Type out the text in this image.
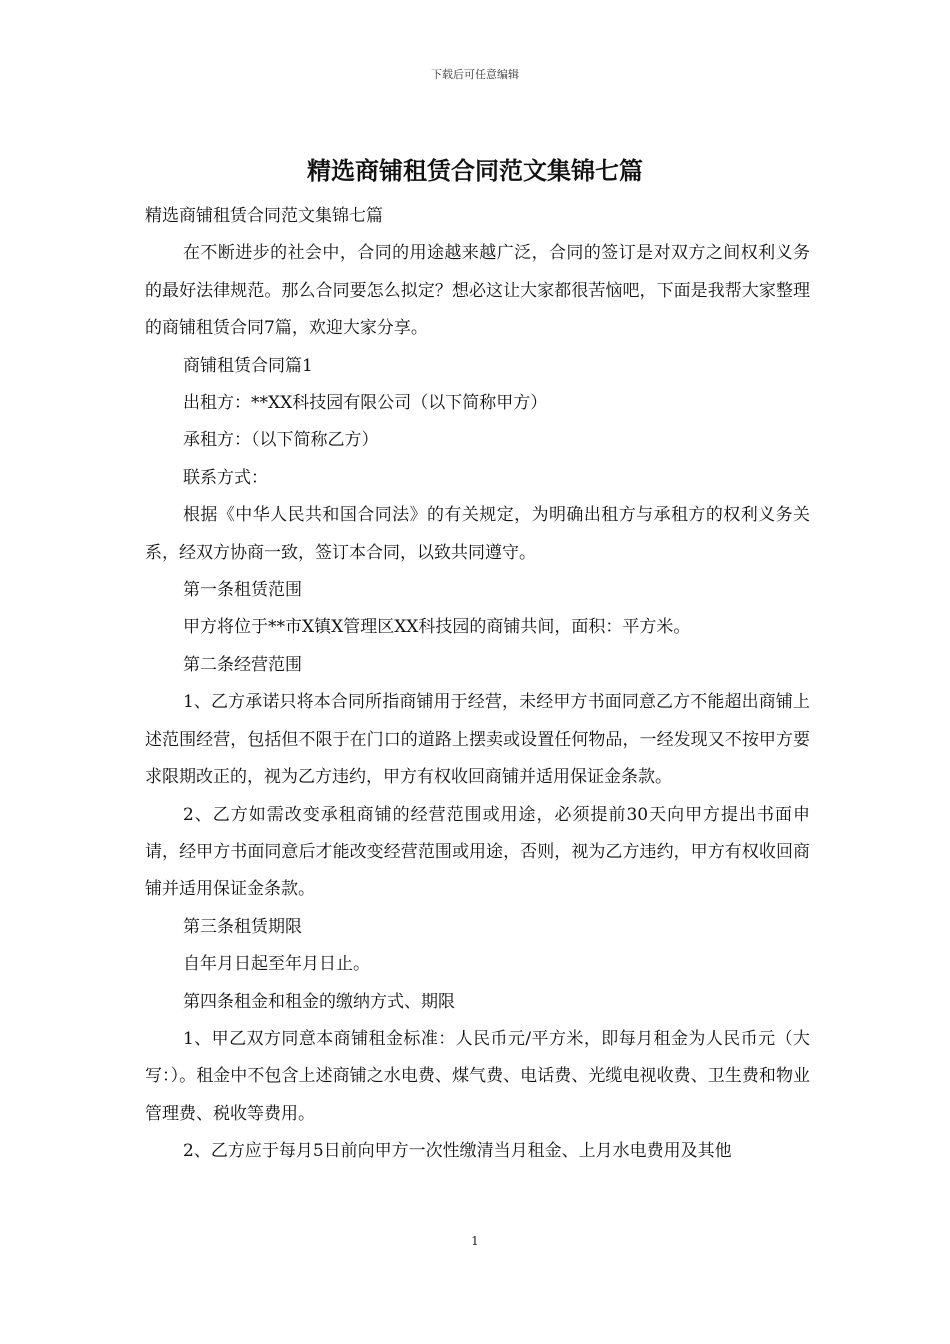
下载后可任意编辑
精选商铺租赁合同范文集锦七篇

精选商铺租赁合同范文集锦七篇

在不断进步的社会中，合同的用途越来越广泛，合同的签订是对双方之间权利义务的最好法律规范。那么合同要怎么拟定？想必这让大家都很苦恼吧，下面是我帮大家整理的商铺租赁合同7篇，欢迎大家分享。

商铺租赁合同篇1

出租方：**XX科技园有限公司（以下简称甲方）

承租方：（以下简称乙方）

联系方式：

根据《中华人民共和国合同法》的有关规定，为明确出租方与承租方的权利义务关系，经双方协商一致，签订本合同，以致共同遵守。

第一条租赁范围

甲方将位于**市X镇X管理区XX科技园的商铺共间，面积：平方米。

第二条经营范围

1、乙方承诺只将本合同所指商铺用于经营，未经甲方书面同意乙方不能超出商铺上述范围经营，包括但不限于在门口的道路上摆卖或设置任何物品，一经发现又不按甲方要求限期改正的，视为乙方违约，甲方有权收回商铺并适用保证金条款。

2、乙方如需改变承租商铺的经营范围或用途，必须提前30天向甲方提出书面申请，经甲方书面同意后才能改变经营范围或用途，否则，视为乙方违约，甲方有权收回商铺并适用保证金条款。

第三条租赁期限

自年月日起至年月日止。

第四条租金和租金的缴纳方式、期限

1、甲乙双方同意本商铺租金标准：人民币元/平方米，即每月租金为人民币元（大写：）。租金中不包含上述商铺之水电费、煤气费、电话费、光缆电视收费、卫生费和物业管理费、税收等费用。

2、乙方应于每月5日前向甲方一次性缴清当月租金、上月水电费用及其他

1
